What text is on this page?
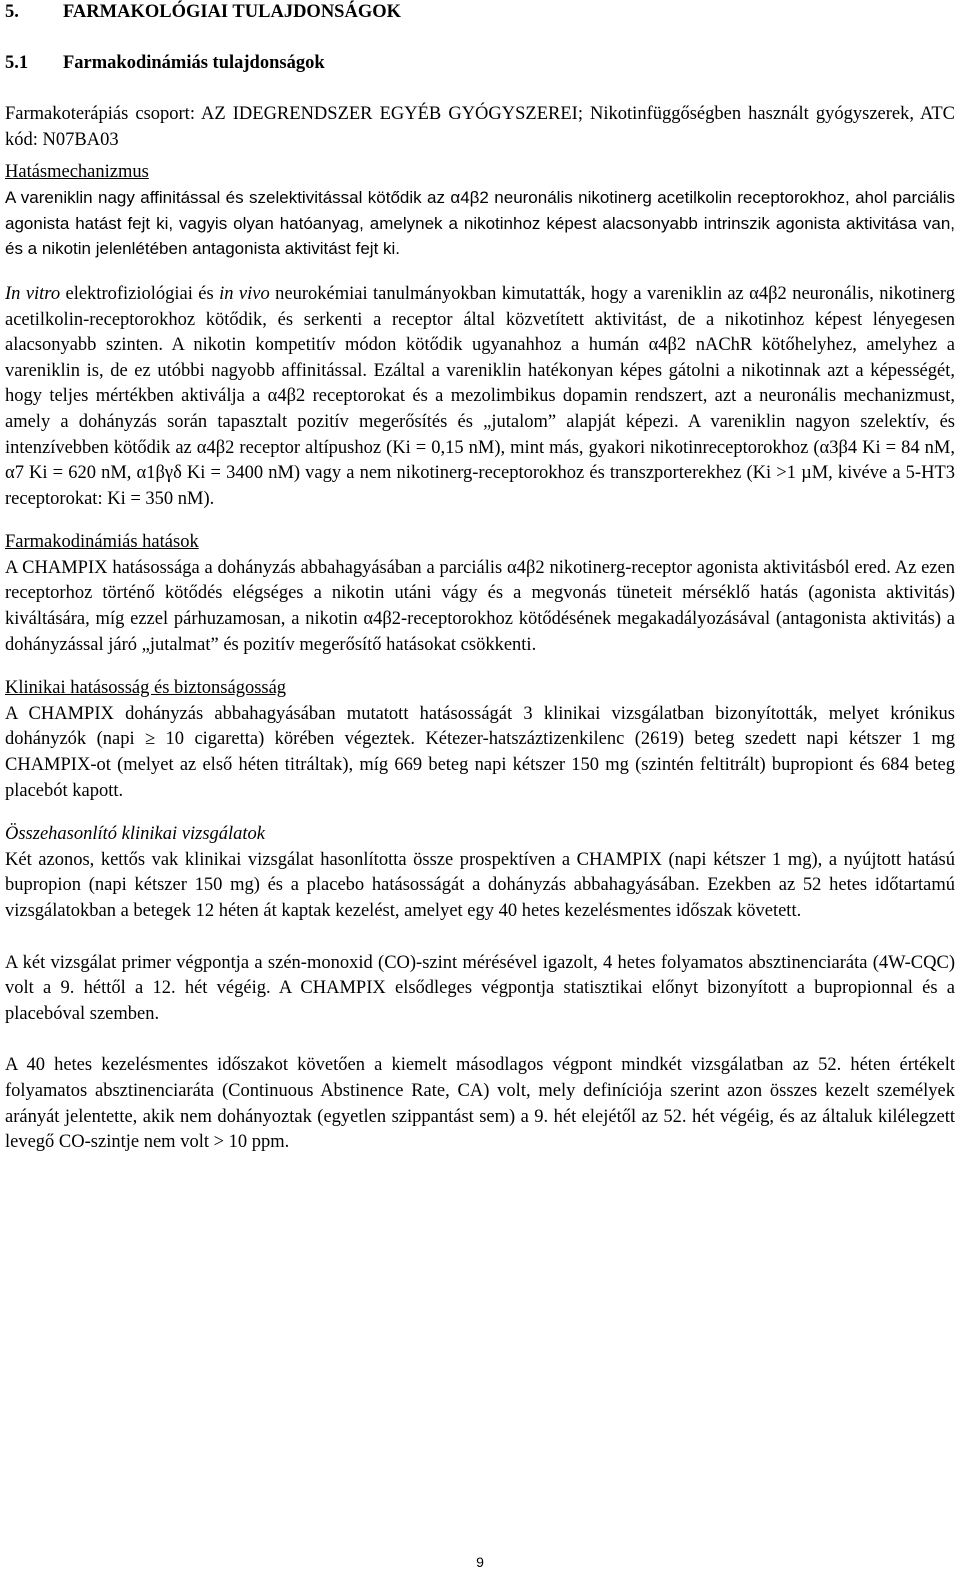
5. FARMAKOLÓGIAI TULAJDONSÁGOK

5.1 Farmakodinámiás tulajdonságok

Farmakoterápiás csoport: AZ IDEGRENDSZER EGYÉB GYÓGYSZEREI; Nikotinfüggőségben használt gyógyszerek, ATC kód: N07BA03

Hatásmechanizmus

A vareniklin nagy affinitással és szelektivitással kötődik az α4β2 neuronális nikotinerg acetilkolin receptorokhoz, ahol parciális agonista hatást fejt ki, vagyis olyan hatóanyag, amelynek a nikotinhoz képest alacsonyabb intrinszik agonista aktivitása van, és a nikotin jelenlétében antagonista aktivitást fejt ki.

In vitro elektrofiziológiai és in vivo neurokémiai tanulmányokban kimutatták, hogy a vareniklin az α4β2 neuronális, nikotinerg acetilkolin-receptorokhoz kötődik, és serkenti a receptor által közvetített aktivitást, de a nikotinhoz képest lényegesen alacsonyabb szinten. A nikotin kompetitív módon kötődik ugyanahhoz a humán α4β2 nAChR kötőhelyhez, amelyhez a vareniklin is, de ez utóbbi nagyobb affinitással. Ezáltal a vareniklin hatékonyan képes gátolni a nikotinnak azt a képességét, hogy teljes mértékben aktiválja a α4β2 receptorokat és a mezolimbikus dopamin rendszert, azt a neuronális mechanizmust, amely a dohányzás során tapasztalt pozitív megerősítés és „jutalom” alapját képezi. A vareniklin nagyon szelektív, és intenzívebben kötődik az α4β2 receptor altípushoz (Ki = 0,15 nM), mint más, gyakori nikotinreceptorokhoz (α3β4 Ki = 84 nM, α7 Ki = 620 nM, α1βγδ Ki = 3400 nM) vagy a nem nikotinerg-receptorokhoz és transzporterekhez (Ki >1 µM, kivéve a 5-HT3 receptorokat: Ki = 350 nM).

Farmakodinámiás hatások

A CHAMPIX hatásossága a dohányzás abbahagyásában a parciális α4β2 nikotinerg-receptor agonista aktivitásból ered. Az ezen receptorhoz történő kötődés elégséges a nikotin utáni vágy és a megvonás tüneteit mérséklő hatás (agonista aktivitás) kiváltására, míg ezzel párhuzamosan, a nikotin α4β2-receptorokhoz kötődésének megakadályozásával (antagonista aktivitás) a dohányzással járó „jutalmat” és pozitív megerősítő hatásokat csökkenti.

Klinikai hatásosság és biztonságosság

A CHAMPIX dohányzás abbahagyásában mutatott hatásosságát 3 klinikai vizsgálatban bizonyították, melyet krónikus dohányzók (napi ≥ 10 cigaretta) körében végeztek. Kétezer-hatszáztizenkilenc (2619) beteg szedett napi kétszer 1 mg CHAMPIX-ot (melyet az első héten titráltak), míg 669 beteg napi kétszer 150 mg (szintén feltitrált) bupropiont és 684 beteg placebót kapott.

Összehasonlító klinikai vizsgálatok

Két azonos, kettős vak klinikai vizsgálat hasonlította össze prospektíven a CHAMPIX (napi kétszer 1 mg), a nyújtott hatású bupropion (napi kétszer 150 mg) és a placebo hatásosságát a dohányzás abbahagyásában. Ezekben az 52 hetes időtartamú vizsgálatokban a betegek 12 héten át kaptak kezelést, amelyet egy 40 hetes kezelésmentes időszak követett.

A két vizsgálat primer végpontja a szén-monoxid (CO)-szint mérésével igazolt, 4 hetes folyamatos absztinenciaráta (4W-CQC) volt a 9. héttől a 12. hét végéig. A CHAMPIX elsődleges végpontja statisztikai előnyt bizonyított a bupropionnal és a placebóval szemben.

A 40 hetes kezelésmentes időszakot követően a kiemelt másodlagos végpont mindkét vizsgálatban az 52. héten értékelt folyamatos absztinenciaráta (Continuous Abstinence Rate, CA) volt, mely definíciója szerint azon összes kezelt személyek arányát jelentette, akik nem dohányoztak (egyetlen szippantást sem) a 9. hét elejétől az 52. hét végéig, és az általuk kilélegzett levegő CO-szintje nem volt > 10 ppm.

9
